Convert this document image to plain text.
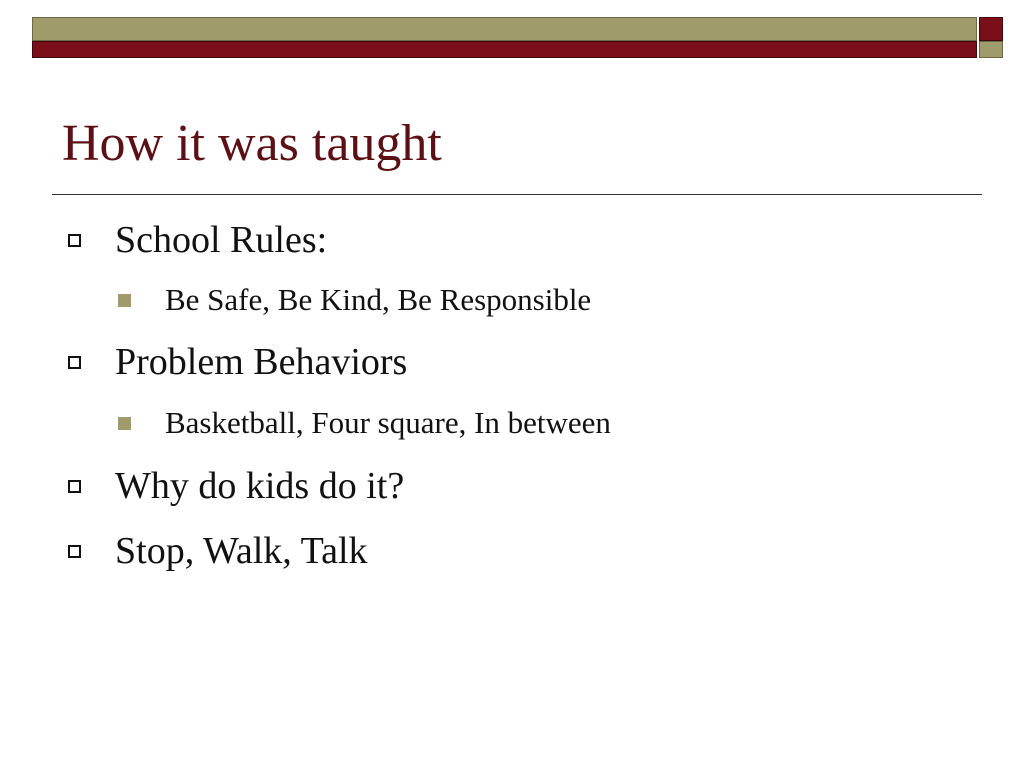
How it was taught
School Rules:
Be Safe, Be Kind, Be Responsible
Problem Behaviors
Basketball, Four square, In between
Why do kids do it?
Stop, Walk, Talk
